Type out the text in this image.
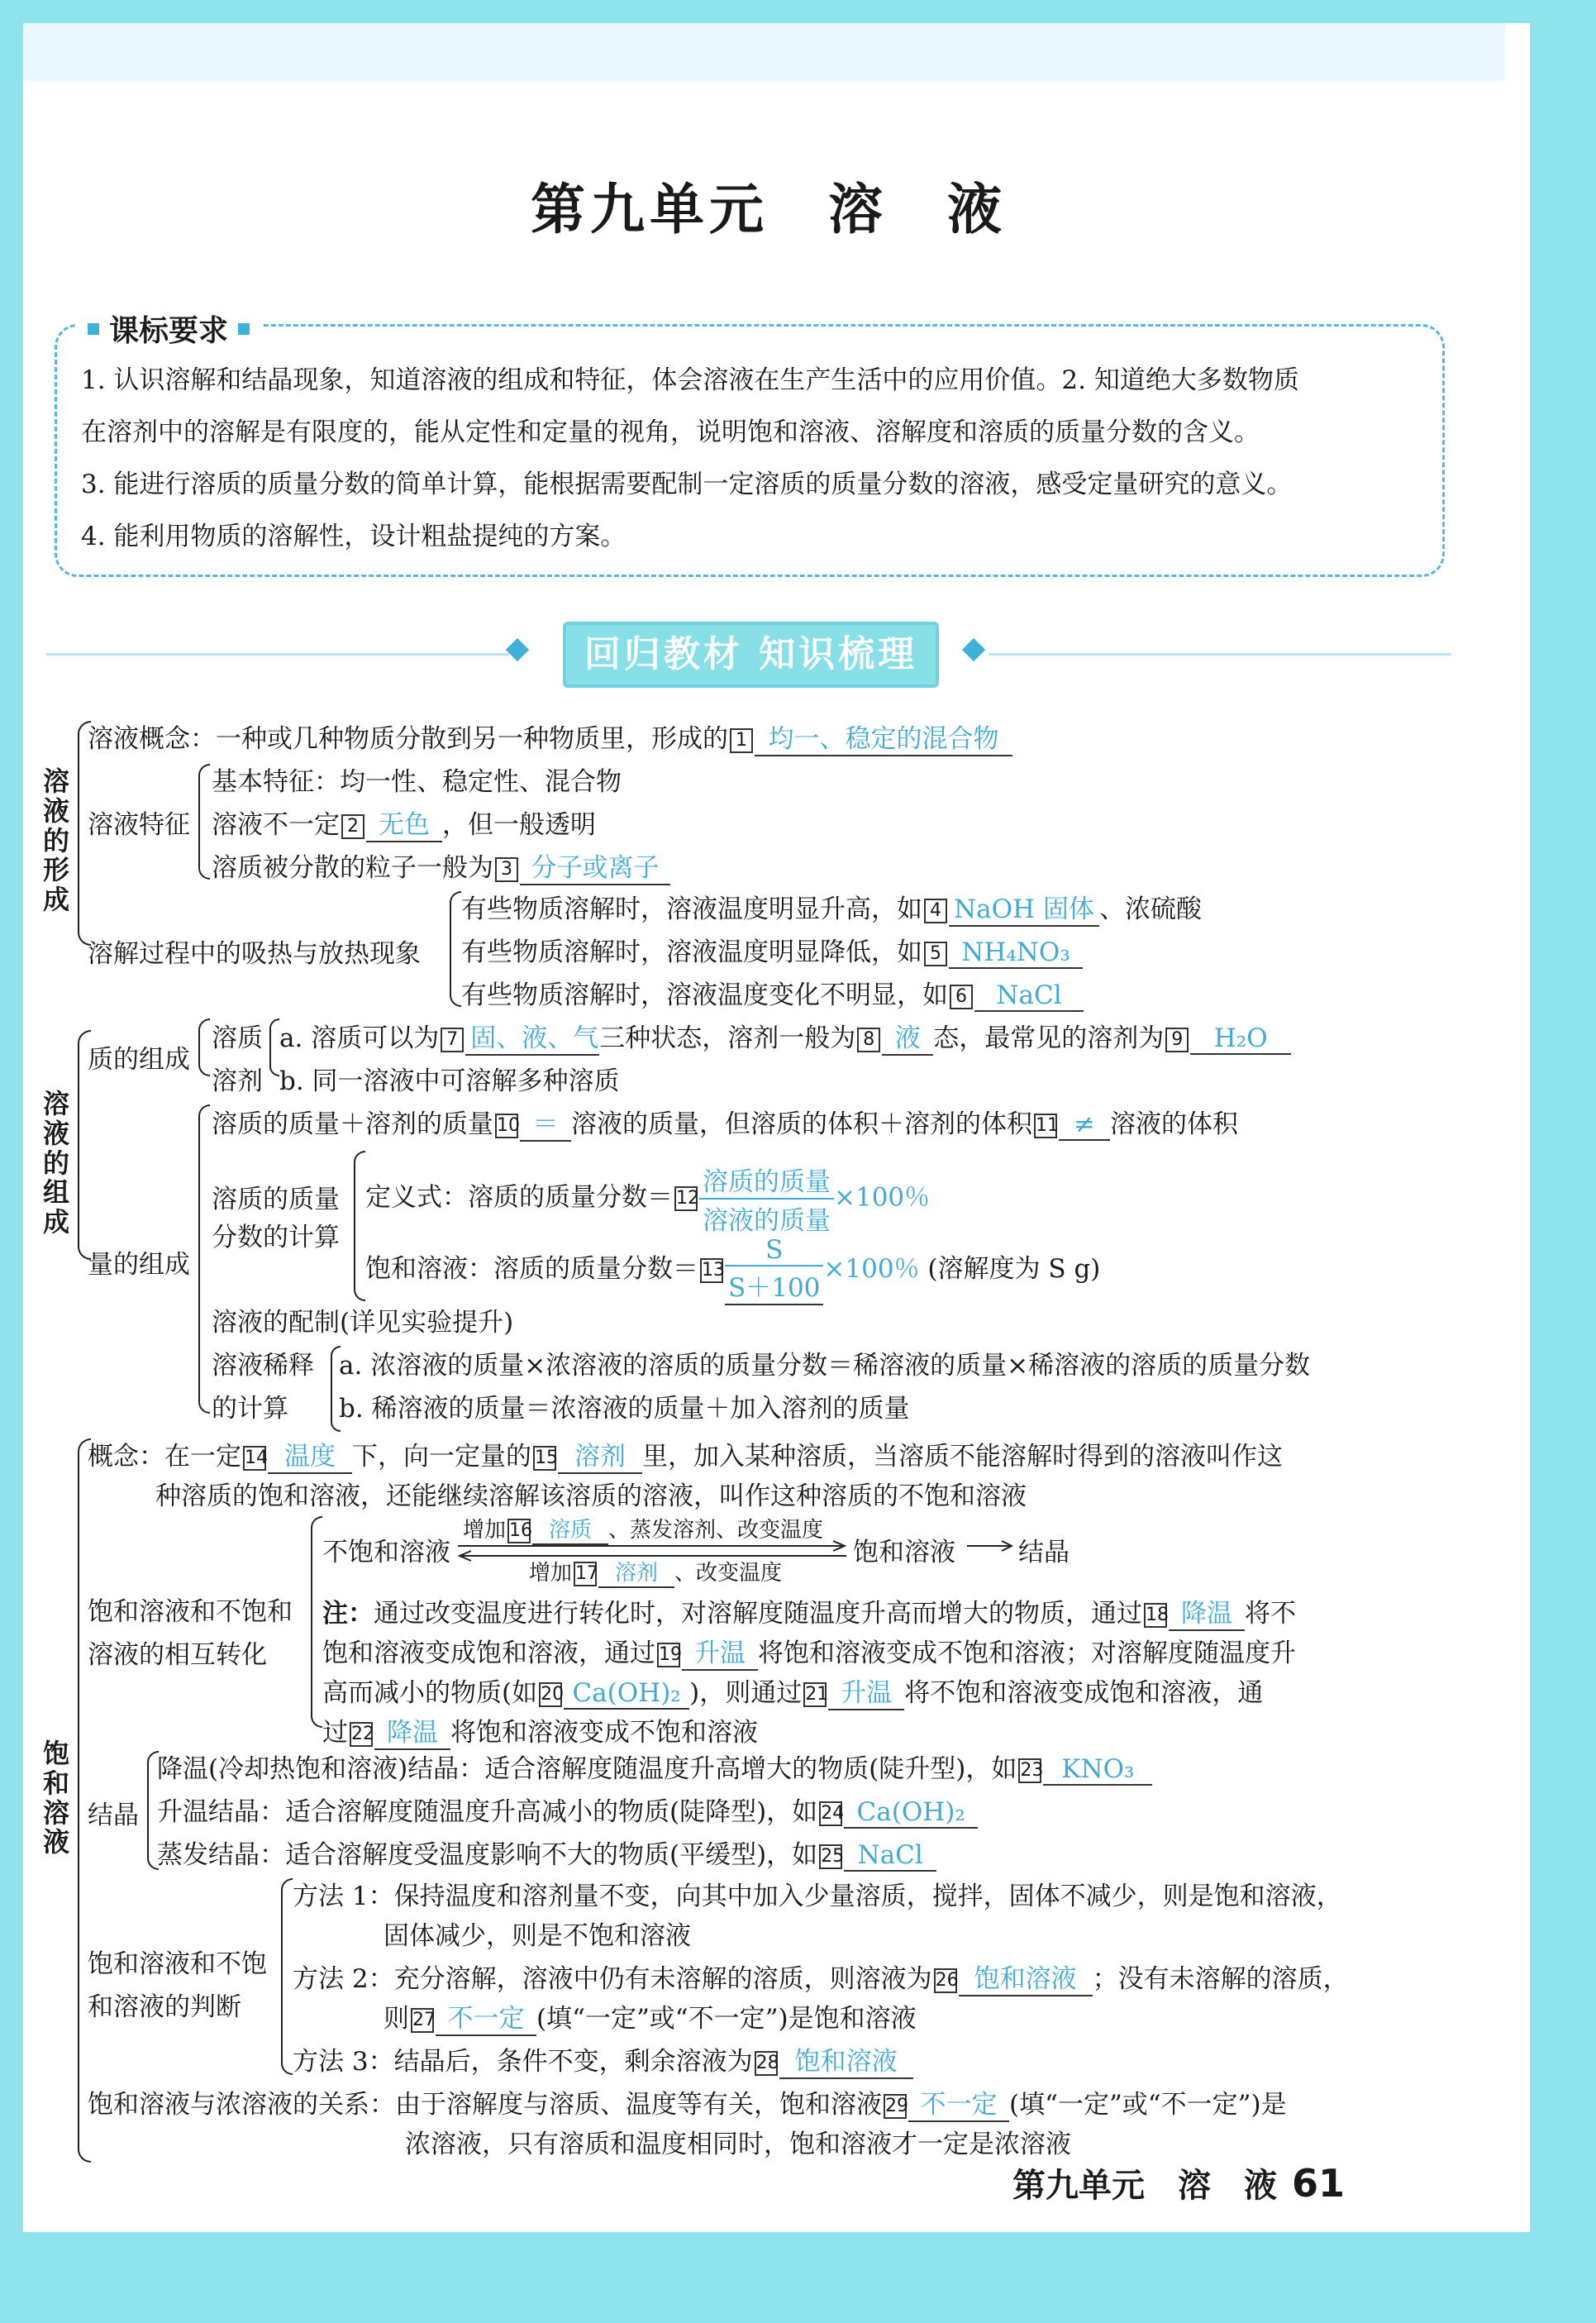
第九单元　溶　液
课标要求
1. 认识溶解和结晶现象，知道溶液的组成和特征，体会溶液在生产生活中的应用价值。2. 知道绝大多数物质
在溶剂中的溶解是有限度的，能从定性和定量的视角，说明饱和溶液、溶解度和溶质的质量分数的含义。
3. 能进行溶质的质量分数的简单计算，能根据需要配制一定溶质的质量分数的溶液，感受定量研究的意义。
4. 能利用物质的溶解性，设计粗盐提纯的方案。
回归教材 知识梳理
溶液的形成
溶液概念：一种或几种物质分散到另一种物质里，形成的 1 均一、稳定的混合物
溶液特征
基本特征：均一性、稳定性、混合物
溶液不一定 2 无色 ，但一般透明
溶质被分散的粒子一般为 3 分子或离子
溶解过程中的吸热与放热现象
有些物质溶解时，溶液温度明显升高，如 4 NaOH 固体 、浓硫酸
有些物质溶解时，溶液温度明显降低，如 5 NH₄NO₃
有些物质溶解时，溶液温度变化不明显，如 6 NaCl
溶液的组成
质的组成
溶质
溶剂
a. 溶质可以为 7 固、液、气三种状态，溶剂一般为 8 液 态，最常见的溶剂为 9 H₂O
b. 同一溶液中可溶解多种溶质
量的组成
溶质的质量＋溶剂的质量 10 ＝ 溶液的质量，但溶质的体积＋溶剂的体积 11 ≠ 溶液的体积
溶质的质量
分数的计算
定义式：溶质的质量分数＝ $12 \frac{\text{溶质的质量}}{\text{溶液的质量}} \times 100$％
饱和溶液：溶质的质量分数＝ $13 \frac{S}{S+100} \times 100$％ (溶解度为 S g)
溶液的配制(详见实验提升)
溶液稀释
的计算
a. 浓溶液的质量×浓溶液的溶质的质量分数＝稀溶液的质量×稀溶液的溶质的质量分数
b. 稀溶液的质量＝浓溶液的质量＋加入溶剂的质量
饱和溶液
概念：在一定 14 温度 下，向一定量的 15 溶剂 里，加入某种溶质，当溶质不能溶解时得到的溶液叫作这
种溶质的饱和溶液，还能继续溶解该溶质的溶液，叫作这种溶质的不饱和溶液
饱和溶液和不饱和
溶液的相互转化
不饱和溶液
增加 16 溶质 、蒸发溶剂、改变温度
增加 17 溶剂 、改变温度
饱和溶液 结晶
注：通过改变温度进行转化时，对溶解度随温度升高而增大的物质，通过 18 降温 将不
饱和溶液变成饱和溶液，通过 19 升温 将饱和溶液变成不饱和溶液；对溶解度随温度升
高而减小的物质(如 20 Ca(OH)₂ )，则通过 21 升温 将不饱和溶液变成饱和溶液，通
过 22 降温 将饱和溶液变成不饱和溶液
结晶
降温(冷却热饱和溶液)结晶：适合溶解度随温度升高增大的物质(陡升型)，如 23 KNO₃
升温结晶：适合溶解度随温度升高减小的物质(陡降型)，如 24 Ca(OH)₂
蒸发结晶：适合溶解度受温度影响不大的物质(平缓型)，如 25 NaCl
饱和溶液和不饱
和溶液的判断
方法 1：保持温度和溶剂量不变，向其中加入少量溶质，搅拌，固体不减少，则是饱和溶液，
固体减少，则是不饱和溶液
方法 2：充分溶解，溶液中仍有未溶解的溶质，则溶液为 26 饱和溶液 ；没有未溶解的溶质，
则 27 不一定 (填“一定”或“不一定”)是饱和溶液
方法 3：结晶后，条件不变，剩余溶液为 28 饱和溶液
饱和溶液与浓溶液的关系：由于溶解度与溶质、温度等有关，饱和溶液 29 不一定 (填“一定”或“不一定”)是
浓溶液，只有溶质和温度相同时，饱和溶液才一定是浓溶液
第九单元　溶　液 61
